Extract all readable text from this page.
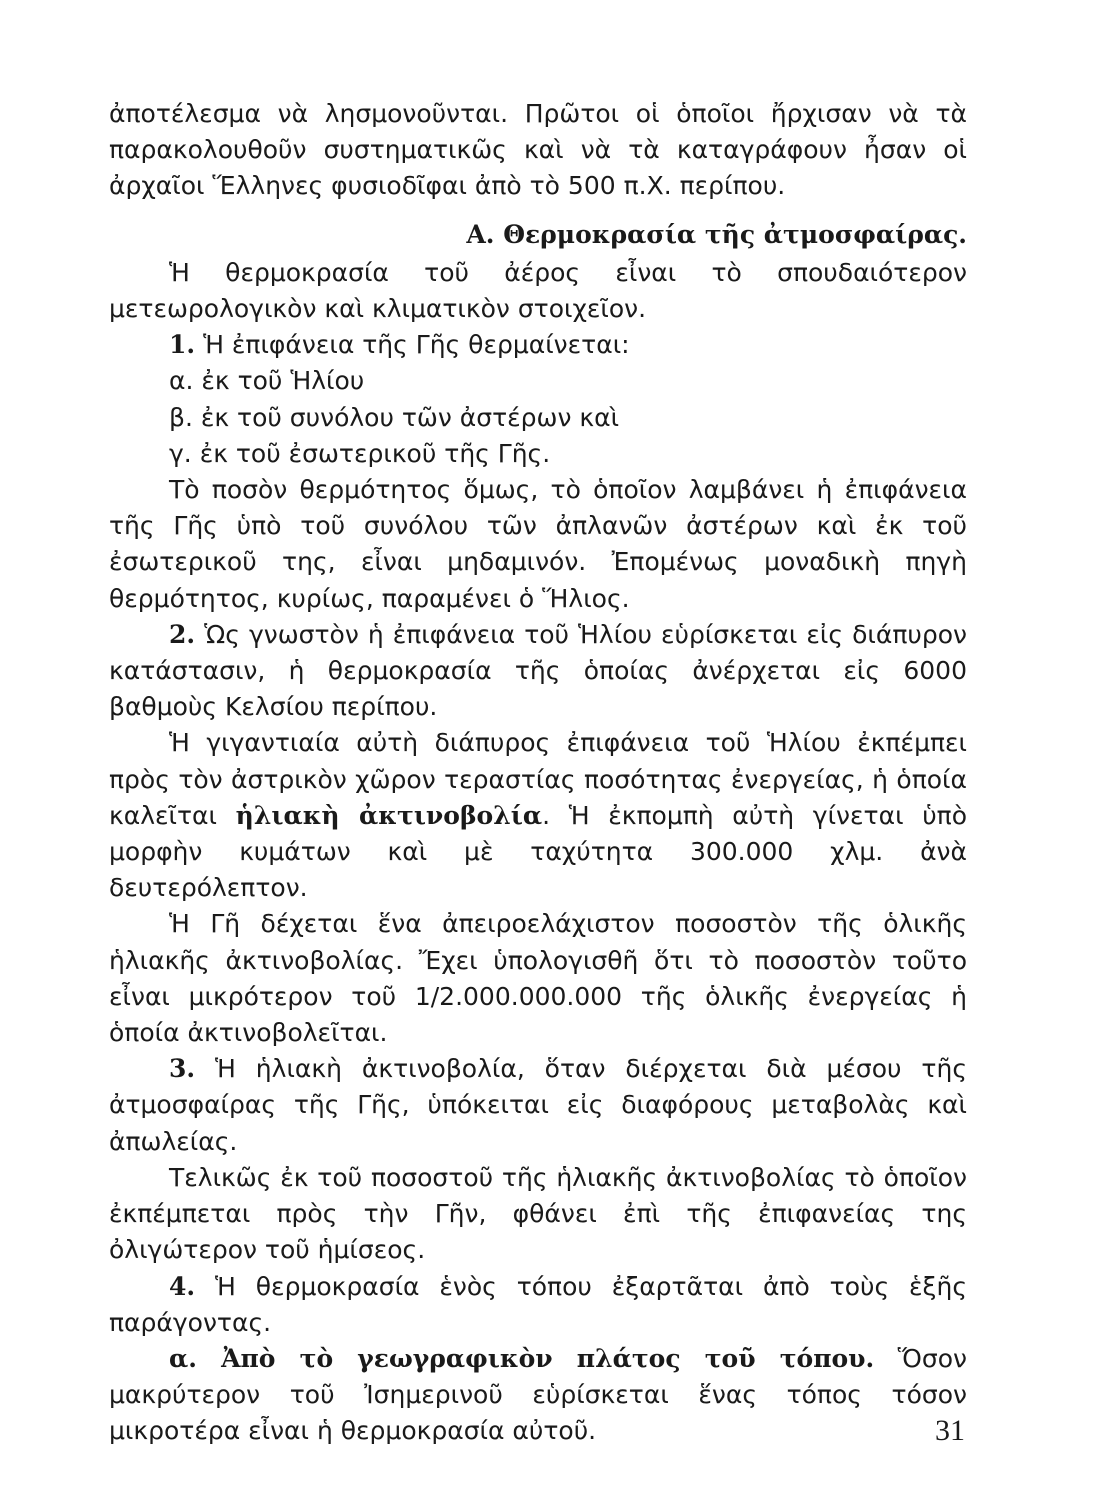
ἀποτέλεσμα νὰ λησμονοῦνται. Πρῶτοι οἱ ὁποῖοι ἤρχισαν νὰ τὰ παρακολουθοῦν συστηματικῶς καὶ νὰ τὰ καταγράφουν ἦσαν οἱ ἀρχαῖοι Ἕλληνες φυσιοδῖφαι ἀπὸ τὸ 500 π.Χ. περίπου.

Α. Θερμοκρασία τῆς ἀτμοσφαίρας.

Ἡ θερμοκρασία τοῦ ἀέρος εἶναι τὸ σπουδαιότερον μετεωρολογικὸν καὶ κλιματικὸν στοιχεῖον.

1. Ἡ ἐπιφάνεια τῆς Γῆς θερμαίνεται:

α. ἐκ τοῦ Ἡλίου

β. ἐκ τοῦ συνόλου τῶν ἀστέρων καὶ

γ. ἐκ τοῦ ἐσωτερικοῦ τῆς Γῆς.

Τὸ ποσὸν θερμότητος ὅμως, τὸ ὁποῖον λαμβάνει ἡ ἐπιφάνεια τῆς Γῆς ὑπὸ τοῦ συνόλου τῶν ἀπλανῶν ἀστέρων καὶ ἐκ τοῦ ἐσωτερικοῦ της, εἶναι μηδαμινόν. Ἐπομένως μοναδικὴ πηγὴ θερμότητος, κυρίως, παραμένει ὁ Ἥλιος.

2. Ὡς γνωστὸν ἡ ἐπιφάνεια τοῦ Ἡλίου εὑρίσκεται εἰς διάπυρον κατάστασιν, ἡ θερμοκρασία τῆς ὁποίας ἀνέρχεται εἰς 6000 βαθμοὺς Κελσίου περίπου.

Ἡ γιγαντιαία αὐτὴ διάπυρος ἐπιφάνεια τοῦ Ἡλίου ἐκπέμπει πρὸς τὸν ἀστρικὸν χῶρον τεραστίας ποσότητας ἐνεργείας, ἡ ὁποία καλεῖται ἡλιακὴ ἀκτινοβολία. Ἡ ἐκπομπὴ αὐτὴ γίνεται ὑπὸ μορφὴν κυμάτων καὶ μὲ ταχύτητα 300.000 χλμ. ἀνὰ δευτερόλεπτον.

Ἡ Γῆ δέχεται ἕνα ἀπειροελάχιστον ποσοστὸν τῆς ὁλικῆς ἡλιακῆς ἀκτινοβολίας. Ἔχει ὑπολογισθῆ ὅτι τὸ ποσοστὸν τοῦτο εἶναι μικρότερον τοῦ 1/2.000.000.000 τῆς ὁλικῆς ἐνεργείας ἡ ὁποία ἀκτινοβολεῖται.

3. Ἡ ἡλιακὴ ἀκτινοβολία, ὅταν διέρχεται διὰ μέσου τῆς ἀτμοσφαίρας τῆς Γῆς, ὑπόκειται εἰς διαφόρους μεταβολὰς καὶ ἀπωλείας.

Τελικῶς ἐκ τοῦ ποσοστοῦ τῆς ἡλιακῆς ἀκτινοβολίας τὸ ὁποῖον ἐκπέμπεται πρὸς τὴν Γῆν, φθάνει ἐπὶ τῆς ἐπιφανείας της ὀλιγώτερον τοῦ ἡμίσεος.

4. Ἡ θερμοκρασία ἑνὸς τόπου ἐξαρτᾶται ἀπὸ τοὺς ἑξῆς παράγοντας.

α. Ἀπὸ τὸ γεωγραφικὸν πλάτος τοῦ τόπου. Ὅσον μακρύτερον τοῦ Ἰσημερινοῦ εὑρίσκεται ἕνας τόπος τόσον μικροτέρα εἶναι ἡ θερμοκρασία αὐτοῦ.	31
